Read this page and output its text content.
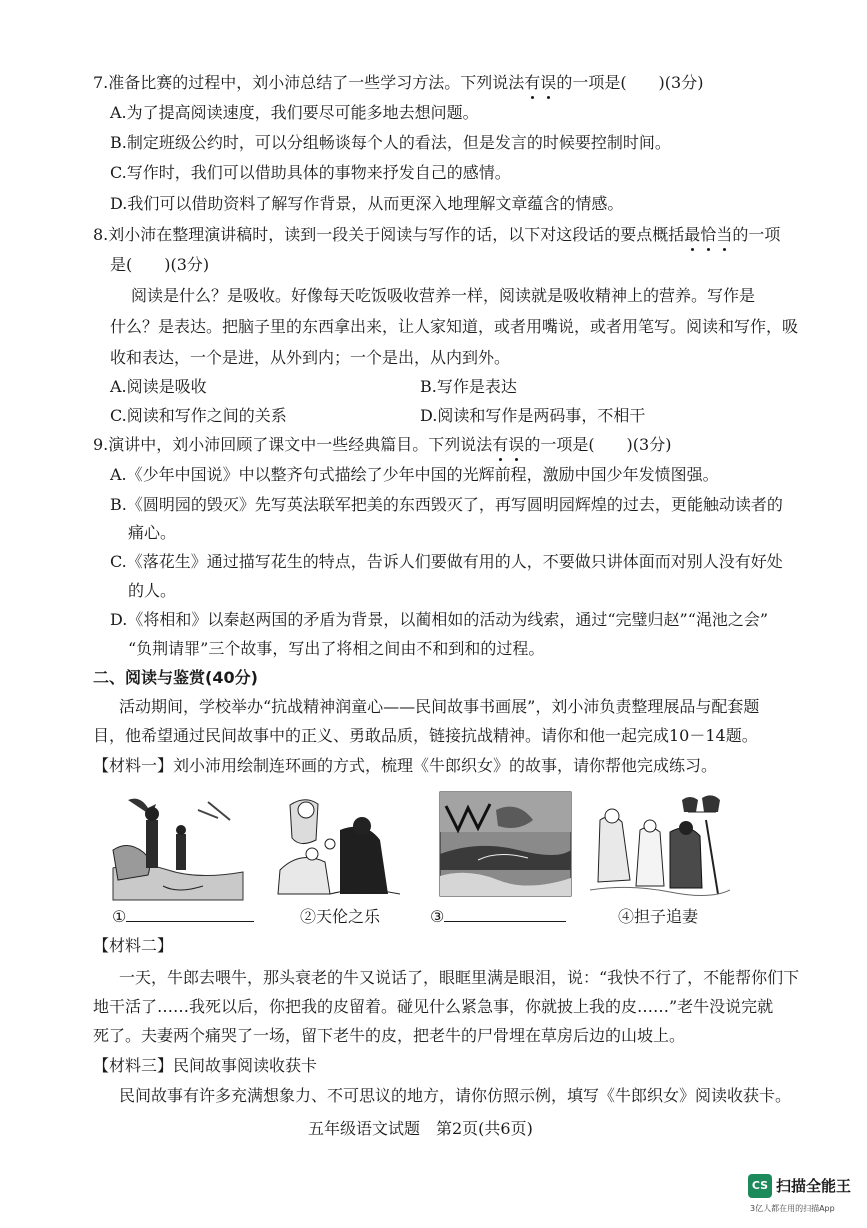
7.准备比赛的过程中，刘小沛总结了一些学习方法。下列说法有误的一项是(　　)(3分)
A.为了提高阅读速度，我们要尽可能多地去想问题。
B.制定班级公约时，可以分组畅谈每个人的看法，但是发言的时候要控制时间。
C.写作时，我们可以借助具体的事物来抒发自己的感情。
D.我们可以借助资料了解写作背景，从而更深入地理解文章蕴含的情感。
8.刘小沛在整理演讲稿时，读到一段关于阅读与写作的话，以下对这段话的要点概括最恰当的一项
是(　　)(3分)
阅读是什么？是吸收。好像每天吃饭吸收营养一样，阅读就是吸收精神上的营养。写作是
什么？是表达。把脑子里的东西拿出来，让人家知道，或者用嘴说，或者用笔写。阅读和写作，吸
收和表达，一个是进，从外到内；一个是出，从内到外。
A.阅读是吸收	B.写作是表达
C.阅读和写作之间的关系	D.阅读和写作是两码事，不相干
9.演讲中，刘小沛回顾了课文中一些经典篇目。下列说法有误的一项是(　　)(3分)
A.《少年中国说》中以整齐句式描绘了少年中国的光辉前程，激励中国少年发愤图强。
B.《圆明园的毁灭》先写英法联军把美的东西毁灭了，再写圆明园辉煌的过去，更能触动读者的
痛心。
C.《落花生》通过描写花生的特点，告诉人们要做有用的人，不要做只讲体面而对别人没有好处
的人。
D.《将相和》以秦赵两国的矛盾为背景，以蔺相如的活动为线索，通过“完璧归赵”“渑池之会”
“负荆请罪”三个故事，写出了将相之间由不和到和的过程。
二、阅读与鉴赏(40分)
活动期间，学校举办“抗战精神润童心——民间故事书画展”，刘小沛负责整理展品与配套题
目，他希望通过民间故事中的正义、勇敢品质，链接抗战精神。请你和他一起完成10－14题。
【材料一】刘小沛用绘制连环画的方式，梳理《牛郎织女》的故事，请你帮他完成练习。
①	②天伦之乐	③	④担子追妻
【材料二】
一天，牛郎去喂牛，那头衰老的牛又说话了，眼眶里满是眼泪，说：“我快不行了，不能帮你们下
地干活了……我死以后，你把我的皮留着。碰见什么紧急事，你就披上我的皮……”老牛没说完就
死了。夫妻两个痛哭了一场，留下老牛的皮，把老牛的尸骨埋在草房后边的山坡上。
【材料三】民间故事阅读收获卡
民间故事有许多充满想象力、不可思议的地方，请你仿照示例，填写《牛郎织女》阅读收获卡。
五年级语文试题　第2页(共6页)
CS 扫描全能王
3亿人都在用的扫描App
